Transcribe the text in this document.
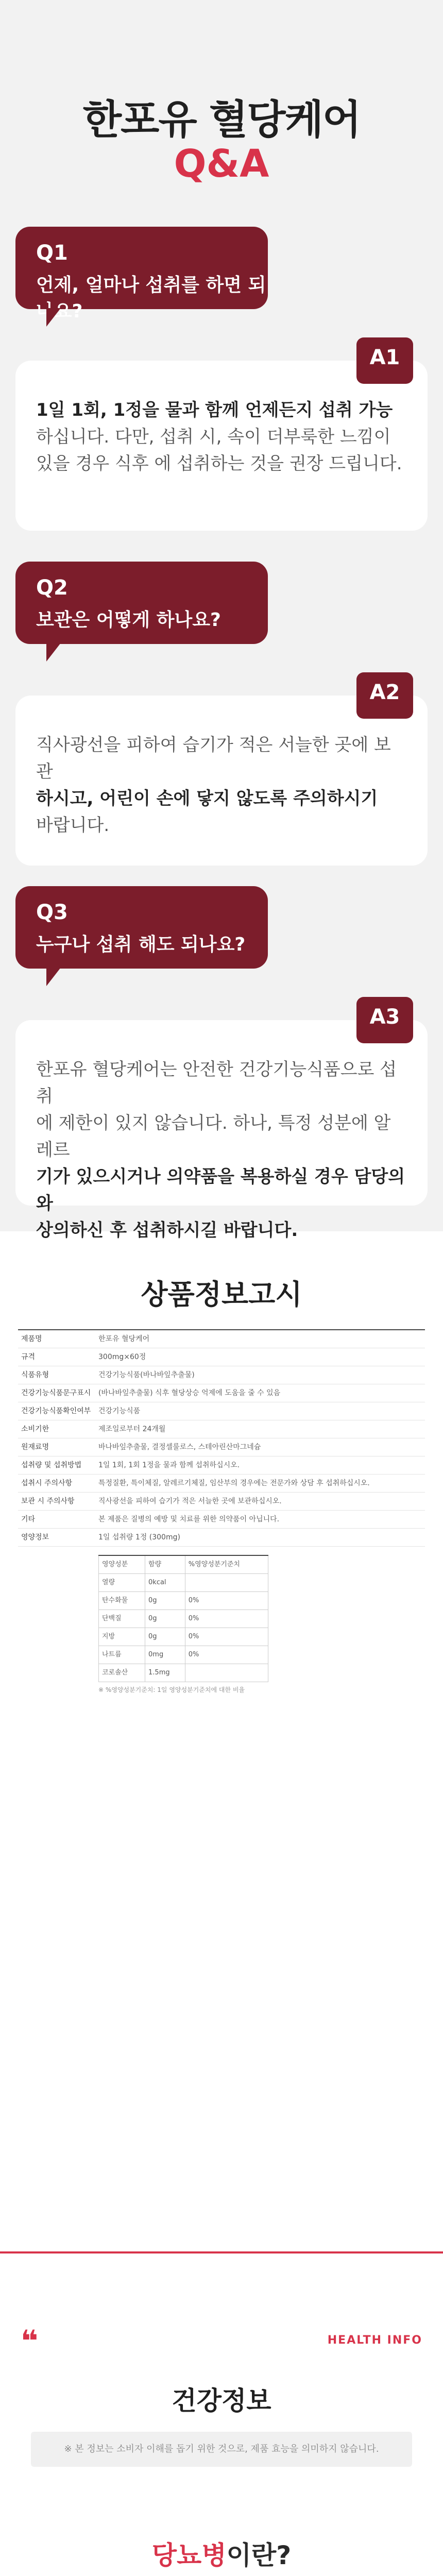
한포유 혈당케어
Q&A
Q1
언제, 얼마나 섭취를 하면 되나요?
A1
1일 1회, 1정을 물과 함께 언제든지 섭취 가능
하십니다. 다만, 섭취 시, 속이 더부룩한 느낌이
있을 경우 식후 에 섭취하는 것을 권장 드립니다.
Q2
보관은 어떻게 하나요?
A2
직사광선을 피하여 습기가 적은 서늘한 곳에 보관
하시고, 어린이 손에 닿지 않도록 주의하시기
바랍니다.
Q3
누구나 섭취 해도 되나요?
A3
한포유 혈당케어는 안전한 건강기능식품으로 섭취
에 제한이 있지 않습니다. 하나, 특정 성분에 알레르
기가 있으시거나 의약품을 복용하실 경우 담당의와
상의하신 후 섭취하시길 바랍니다.
상품정보고시
제품명	한포유 혈당케어
규격	300mg×60정
식품유형	건강기능식품(바나바잎추출물)
건강기능식품문구표시	(바나바잎추출물) 식후 혈당상승 억제에 도움을 줄 수 있음
건강기능식품확인여부	건강기능식품
소비기한	제조일로부터 24개월
원재료명	바나바잎추출물, 결정셀룰로스, 스테아린산마그네슘
섭취량 및 섭취방법	1일 1회, 1회 1정을 물과 함께 섭취하십시오.
섭취시 주의사항	특정질환, 특이체질, 알레르기체질, 임산부의 경우에는 전문가와 상담 후 섭취하십시오.
보관 시 주의사항	직사광선을 피하여 습기가 적은 서늘한 곳에 보관하십시오.
기타	본 제품은 질병의 예방 및 치료를 위한 의약품이 아닙니다.
영양정보	1일 섭취량 1정 (300mg)

영양성분	함량	%영양성분기준치
열량	0kcal	
탄수화물	0g	0%
단백질	0g	0%
지방	0g	0%
나트륨	0mg	0%
코로솔산	1.5mg	
※ %영양성분기준치: 1일 영양성분기준치에 대한 비율
❝	HEALTH INFO
건강정보
※ 본 정보는 소비자 이해를 돕기 위한 것으로, 제품 효능을 의미하지 않습니다.
당뇨병이란?
